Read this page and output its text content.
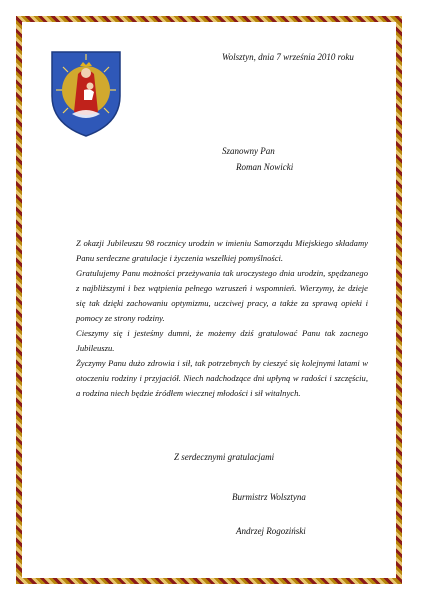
Wolsztyn, dnia 7 września 2010 roku
Szanowny Pan
Roman Nowicki

Z okazji Jubileuszu 98 rocznicy urodzin w imieniu Samorządu Miejskiego składamy Panu serdeczne gratulacje i życzenia wszelkiej pomyślności.

Gratulujemy Panu możności przeżywania tak uroczystego dnia urodzin, spędzanego z najbliższymi i bez wątpienia pełnego wzruszeń i wspomnień. Wierzymy, że dzieje się tak dzięki zachowaniu optymizmu, uczciwej pracy, a także za sprawą opieki i pomocy ze strony rodziny.

Cieszymy się i jesteśmy dumni, że możemy dziś gratulować Panu tak zacnego Jubileuszu.

Życzymy Panu dużo zdrowia i sił, tak potrzebnych by cieszyć się kolejnymi latami w otoczeniu rodziny i przyjaciół. Niech nadchodzące dni upłyną w radości i szczęściu, a rodzina niech będzie źródłem wiecznej młodości i sił witalnych.

Z serdecznymi gratulacjami
Burmistrz Wolsztyna
Andrzej Rogoziński
